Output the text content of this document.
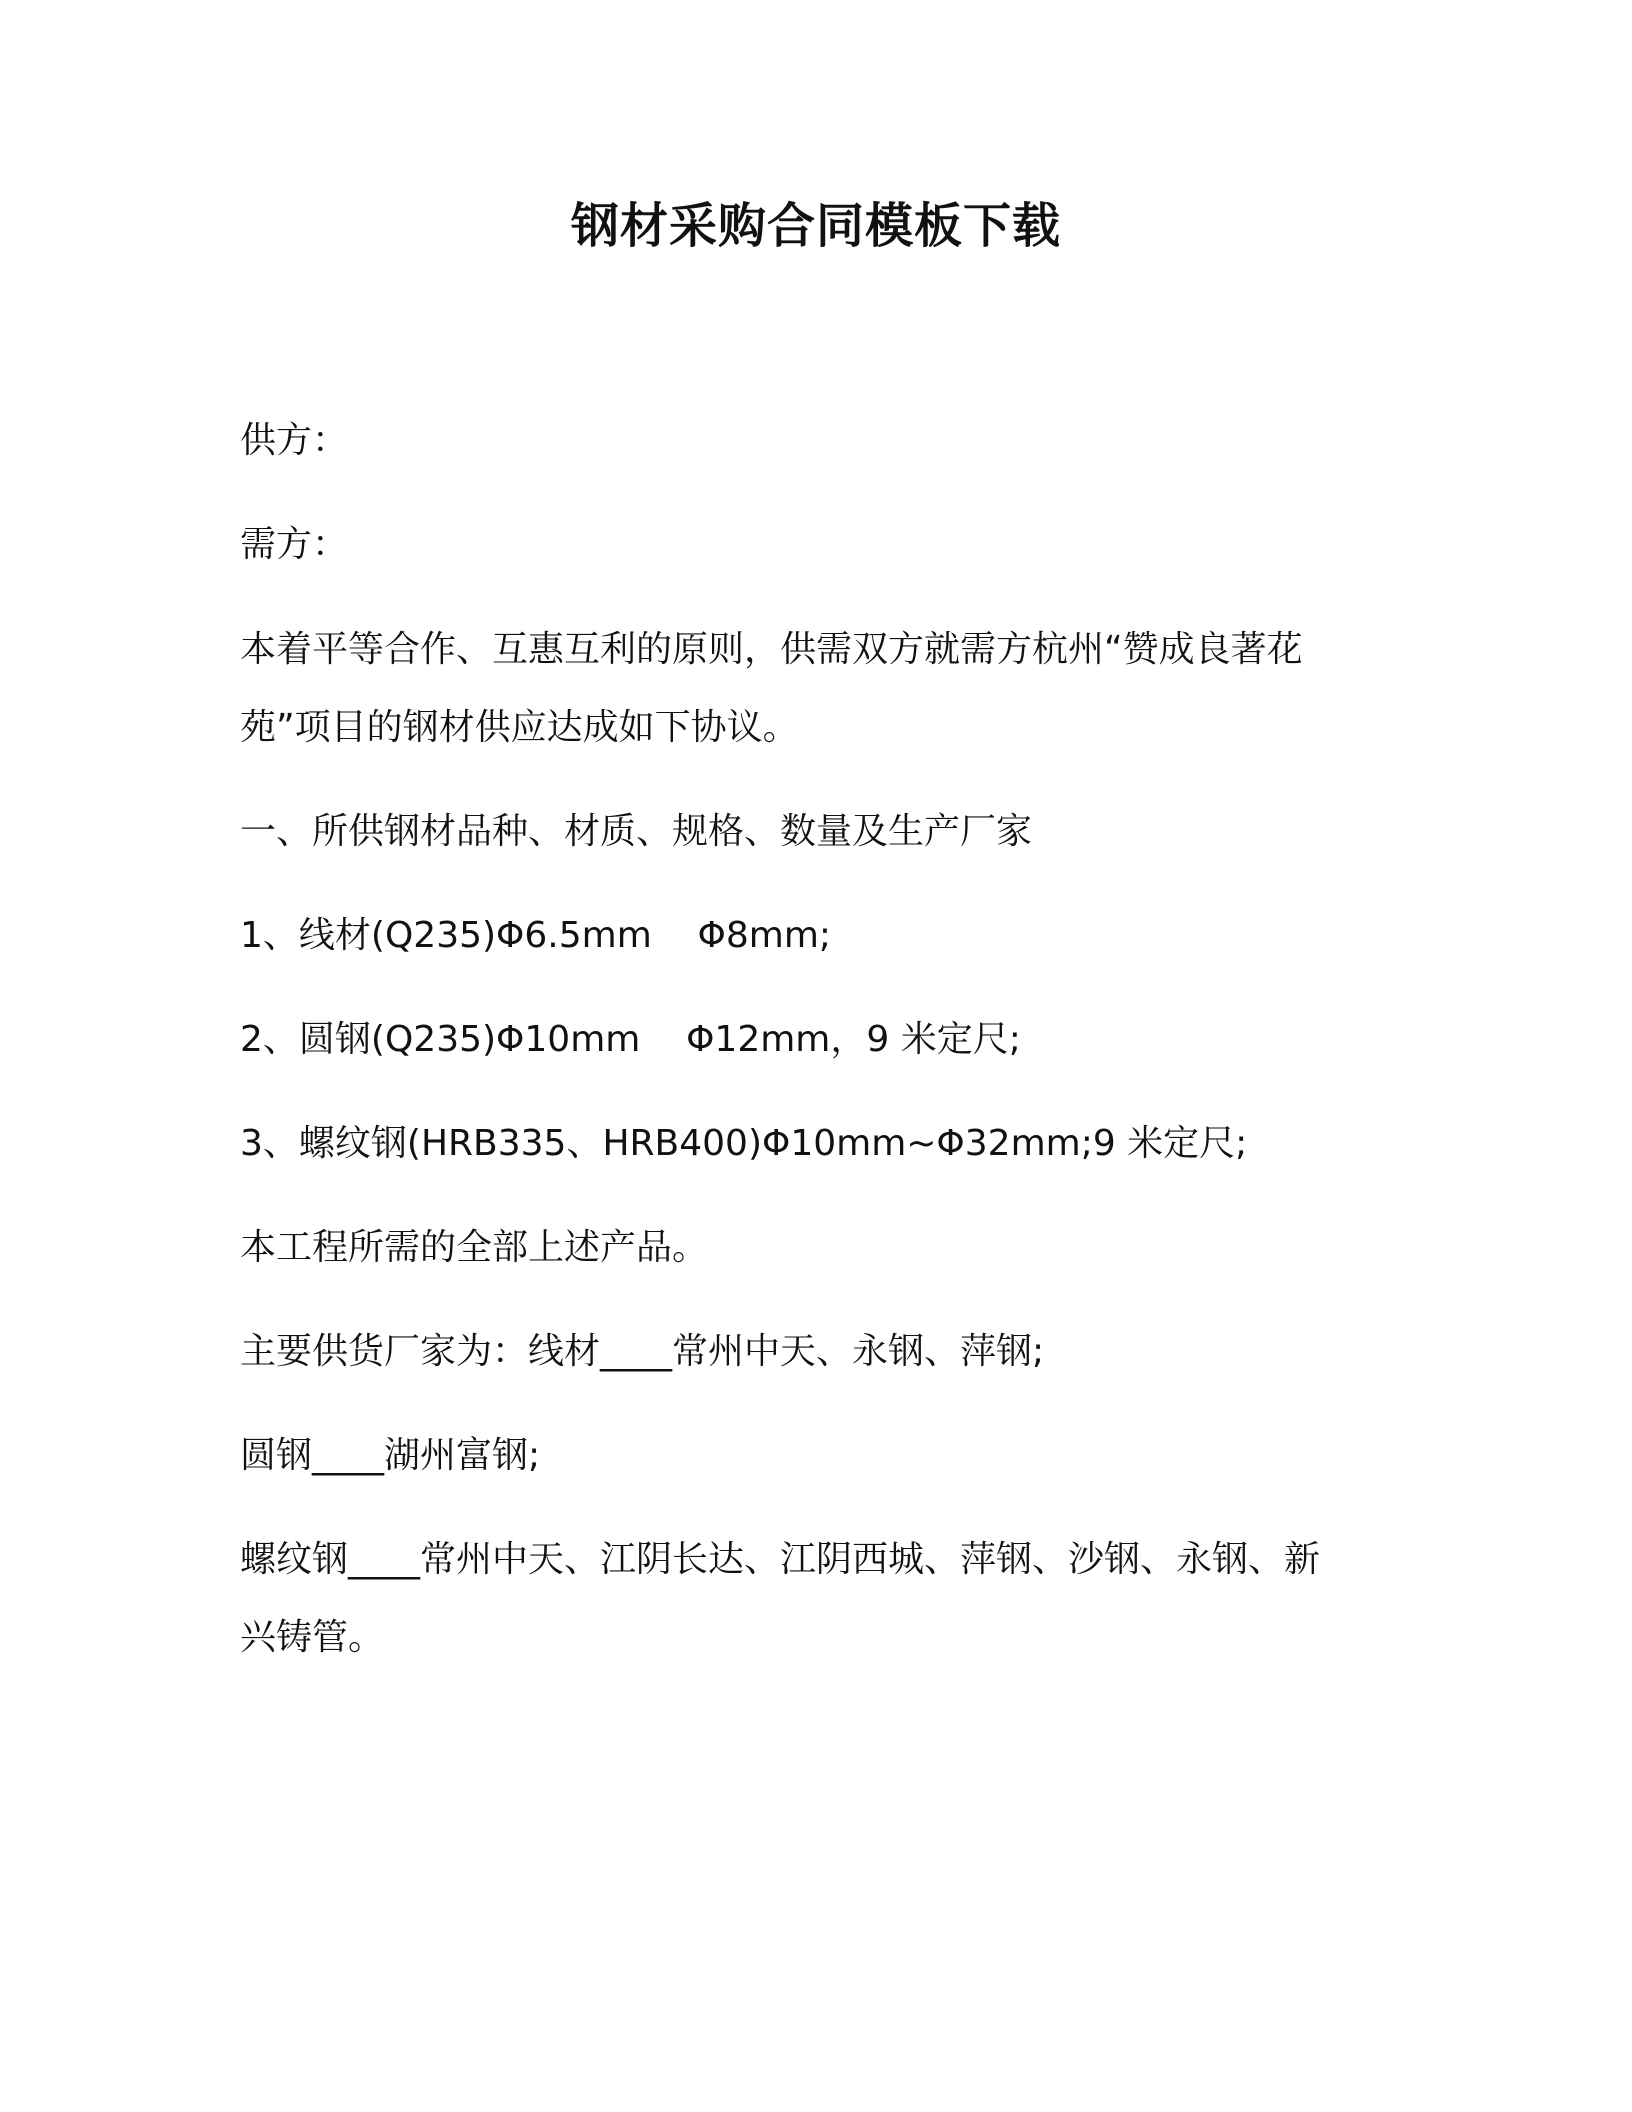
钢材采购合同模板下载
供方：
需方：
本着平等合作、互惠互利的原则，供需双方就需方杭州“赞成良著花
苑”项目的钢材供应达成如下协议。
一、所供钢材品种、材质、规格、数量及生产厂家
1、线材(Q235)Φ6.5mm    Φ8mm;
2、圆钢(Q235)Φ10mm    Φ12mm，9 米定尺;
3、螺纹钢(HRB335、HRB400)Φ10mm~Φ32mm;9 米定尺;
本工程所需的全部上述产品。
主要供货厂家为：线材____常州中天、永钢、萍钢;
圆钢____湖州富钢;
螺纹钢____常州中天、江阴长达、江阴西城、萍钢、沙钢、永钢、新
兴铸管。
